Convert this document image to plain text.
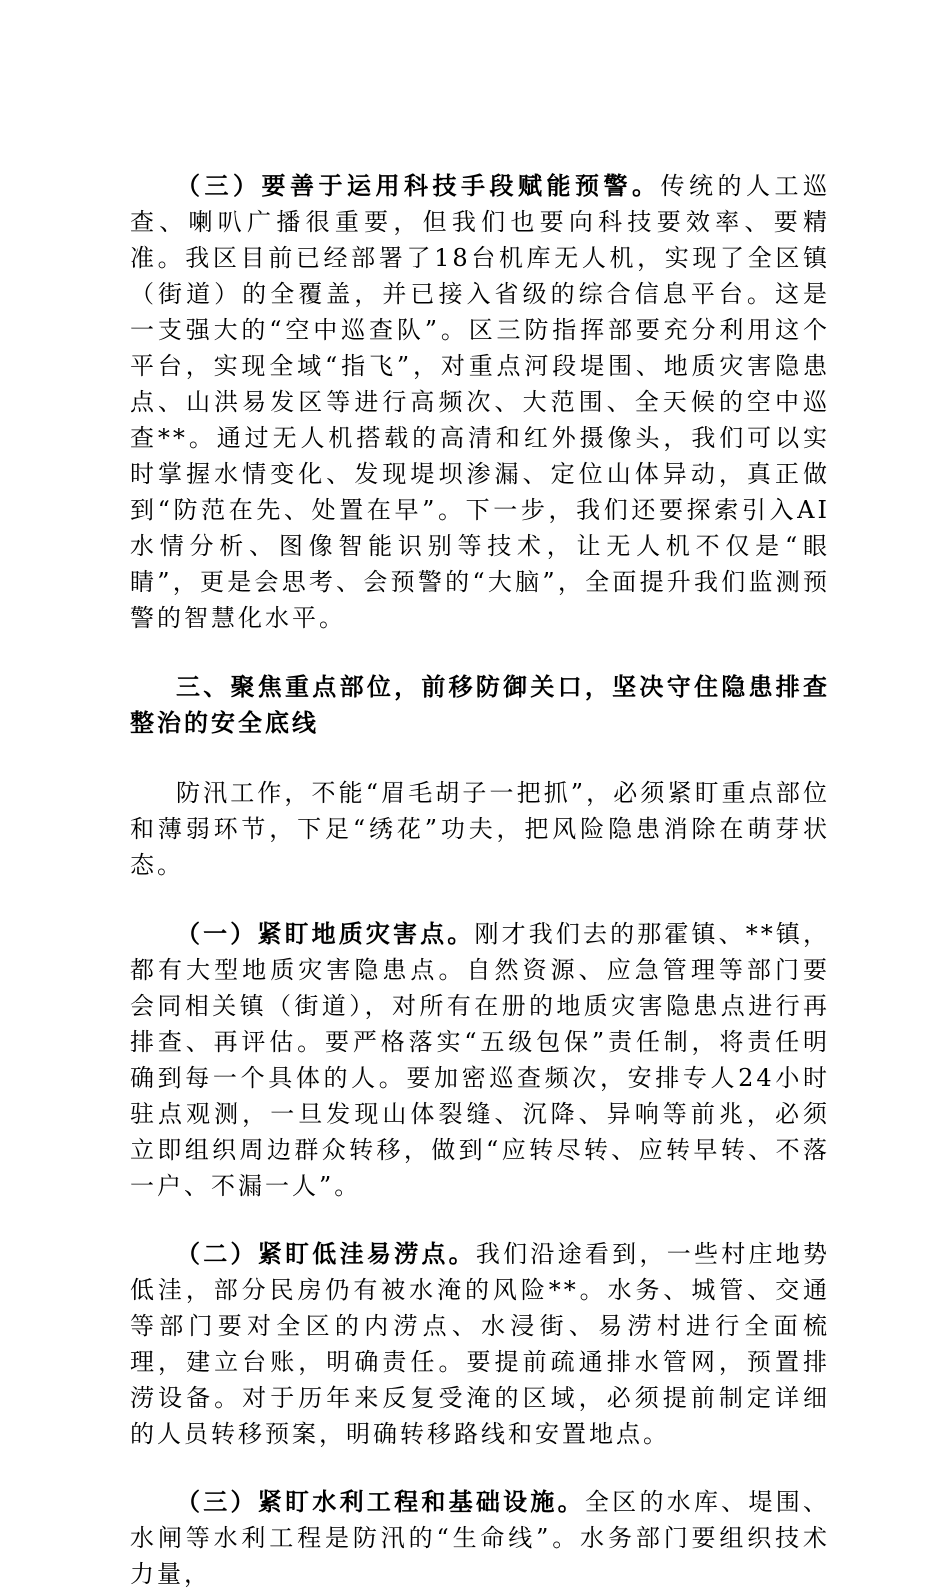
（三）要善于运用科技手段赋能预警。传统的人工巡查、喇叭广播很重要，但我们也要向科技要效率、要精准。我区目前已经部署了18台机库无人机，实现了全区镇（街道）的全覆盖，并已接入省级的综合信息平台。这是一支强大的“空中巡查队”。区三防指挥部要充分利用这个平台，实现全域“指飞”，对重点河段堤围、地质灾害隐患点、山洪易发区等进行高频次、大范围、全天候的空中巡查**。通过无人机搭载的高清和红外摄像头，我们可以实时掌握水情变化、发现堤坝渗漏、定位山体异动，真正做到“防范在先、处置在早”。下一步，我们还要探索引入AI水情分析、图像智能识别等技术，让无人机不仅是“眼睛”，更是会思考、会预警的“大脑”，全面提升我们监测预警的智慧化水平。

三、聚焦重点部位，前移防御关口，坚决守住隐患排查整治的安全底线

防汛工作，不能“眉毛胡子一把抓”，必须紧盯重点部位和薄弱环节，下足“绣花”功夫，把风险隐患消除在萌芽状态。

（一）紧盯地质灾害点。刚才我们去的那霍镇、**镇，都有大型地质灾害隐患点。自然资源、应急管理等部门要会同相关镇（街道），对所有在册的地质灾害隐患点进行再排查、再评估。要严格落实“五级包保”责任制，将责任明确到每一个具体的人。要加密巡查频次，安排专人24小时驻点观测，一旦发现山体裂缝、沉降、异响等前兆，必须立即组织周边群众转移，做到“应转尽转、应转早转、不落一户、不漏一人”。

（二）紧盯低洼易涝点。我们沿途看到，一些村庄地势低洼，部分民房仍有被水淹的风险**。水务、城管、交通等部门要对全区的内涝点、水浸街、易涝村进行全面梳理，建立台账，明确责任。要提前疏通排水管网，预置排涝设备。对于历年来反复受淹的区域，必须提前制定详细的人员转移预案，明确转移路线和安置地点。

（三）紧盯水利工程和基础设施。全区的水库、堤围、水闸等水利工程是防汛的“生命线”。水务部门要组织技术力量，
